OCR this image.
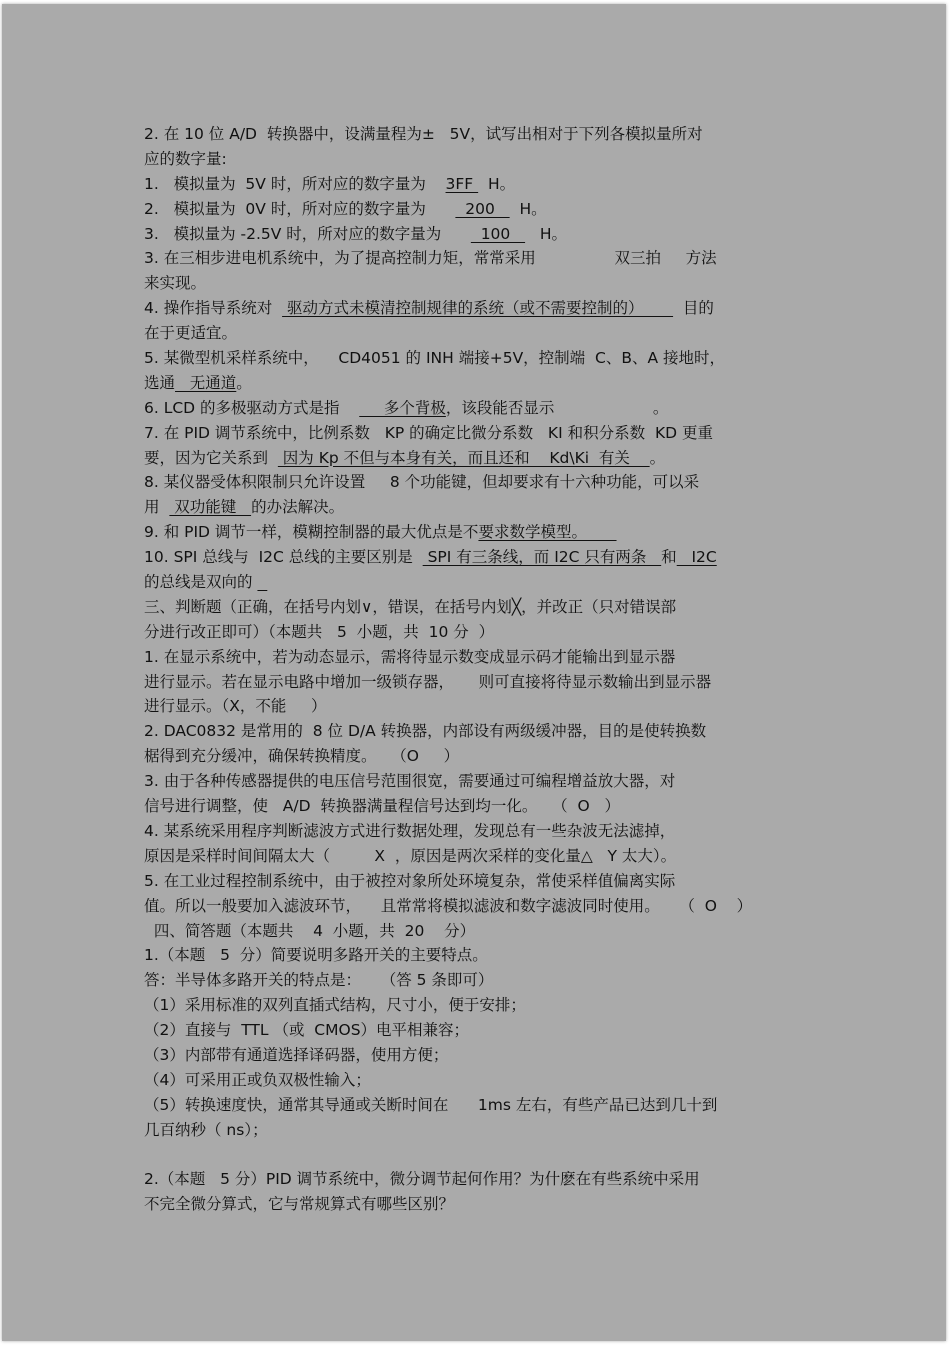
2. 在 10 位 A/D  转换器中，设满量程为±   5V，试写出相对于下列各模拟量所对
应的数字量:
1.   模拟量为  5V 时，所对应的数字量为    3FF   H。
2.   模拟量为  0V 时，所对应的数字量为        200     H。
3.   模拟量为 -2.5V 时，所对应的数字量为        100      H。
3. 在三相步进电机系统中，为了提高控制力矩，常常采用                双三拍     方法
来实现。
4. 操作指导系统对   驱动方式未模清控制规律的系统（或不需要控制的）        目的
在于更适宜。
5. 某微型机采样系统中，    CD4051 的 INH 端接+5V，控制端  C、B、A 接地时，
选通   无通道。
6. LCD 的多极驱动方式是指         多个背极，该段能否显示                    。
7. 在 PID 调节系统中，比例系数   KP 的确定比微分系数   KI 和积分系数  KD 更重
要，因为它关系到   因为 Kp 不但与本身有关，而且还和    Kd\Ki  有关    。
8. 某仪器受体积限制只允许设置     8 个功能键，但却要求有十六种功能，可以采
用   双功能键   的办法解决。
9. 和 PID 调节一样，模糊控制器的最大优点是不要求数学模型。
10. SPI 总线与  I2C 总线的主要区别是   SPI 有三条线，而 I2C 只有两条   和   I2C
的总线是双向的
三、判断题（正确，在括号内划∨，错误，在括号内划╳，并改正（只对错误部
分进行改正即可）（本题共   5  小题，共  10 分  ）
1. 在显示系统中，若为动态显示，需将待显示数变成显示码才能输出到显示器
进行显示。若在显示电路中增加一级锁存器，     则可直接将待显示数输出到显示器
进行显示。（X，不能     ）
2. DAC0832 是常用的  8 位 D/A 转换器，内部设有两级缓冲器，目的是使转换数
椐得到充分缓冲，确保转换精度。   （O     ）
3. 由于各种传感器提供的电压信号范围很宽，需要通过可编程增益放大器，对
信号进行调整，使   A/D  转换器满量程信号达到均一化。   （  O   ）
4. 某系统采用程序判断滤波方式进行数据处理，发现总有一些杂波无法滤掉，
原因是采样时间间隔太大（         X  ，原因是两次采样的变化量△   Y 太大）。
5. 在工业过程控制系统中，由于被控对象所处环境复杂，常使采样值偏离实际
值。所以一般要加入滤波环节，    且常常将模拟滤波和数字滤波同时使用。    （  O    ）
四、简答题（本题共    4  小题，共  20    分）
1.（本题   5  分）简要说明多路开关的主要特点。
答：半导体多路开关的特点是：    （答 5 条即可）
（1）采用标准的双列直插式结构，尺寸小，便于安排；
（2）直接与  TTL （或  CMOS）电平相兼容；
（3）内部带有通道选择译码器，使用方便；
（4）可采用正或负双极性输入；
（5）转换速度快，通常其导通或关断时间在      1ms 左右，有些产品已达到几十到
几百纳秒（ ns）；
2.（本题   5 分）PID 调节系统中，微分调节起何作用？为什麽在有些系统中采用
不完全微分算式，它与常规算式有哪些区别？
